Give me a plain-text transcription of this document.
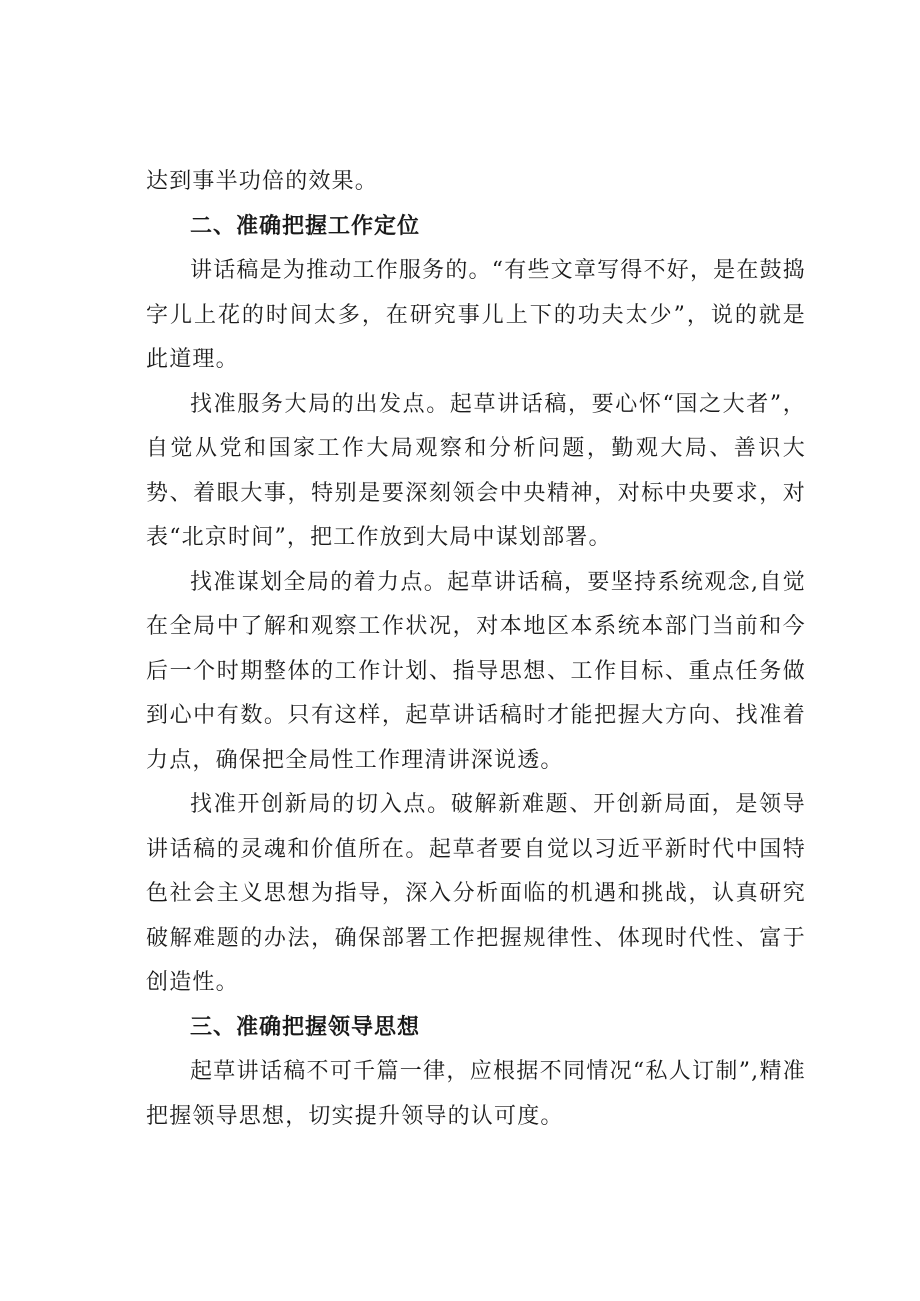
达到事半功倍的效果。

二、准确把握工作定位

讲话稿是为推动工作服务的。“有些文章写得不好，是在鼓捣字儿上花的时间太多，在研究事儿上下的功夫太少”，说的就是此道理。

找准服务大局的出发点。起草讲话稿，要心怀“国之大者”，自觉从党和国家工作大局观察和分析问题，勤观大局、善识大势、着眼大事，特别是要深刻领会中央精神，对标中央要求，对表“北京时间”，把工作放到大局中谋划部署。

找准谋划全局的着力点。起草讲话稿，要坚持系统观念,自觉在全局中了解和观察工作状况，对本地区本系统本部门当前和今后一个时期整体的工作计划、指导思想、工作目标、重点任务做到心中有数。只有这样，起草讲话稿时才能把握大方向、找准着力点，确保把全局性工作理清讲深说透。

找准开创新局的切入点。破解新难题、开创新局面，是领导讲话稿的灵魂和价值所在。起草者要自觉以习近平新时代中国特色社会主义思想为指导，深入分析面临的机遇和挑战，认真研究破解难题的办法，确保部署工作把握规律性、体现时代性、富于创造性。

三、准确把握领导思想

起草讲话稿不可千篇一律，应根据不同情况“私人订制”,精准把握领导思想，切实提升领导的认可度。
